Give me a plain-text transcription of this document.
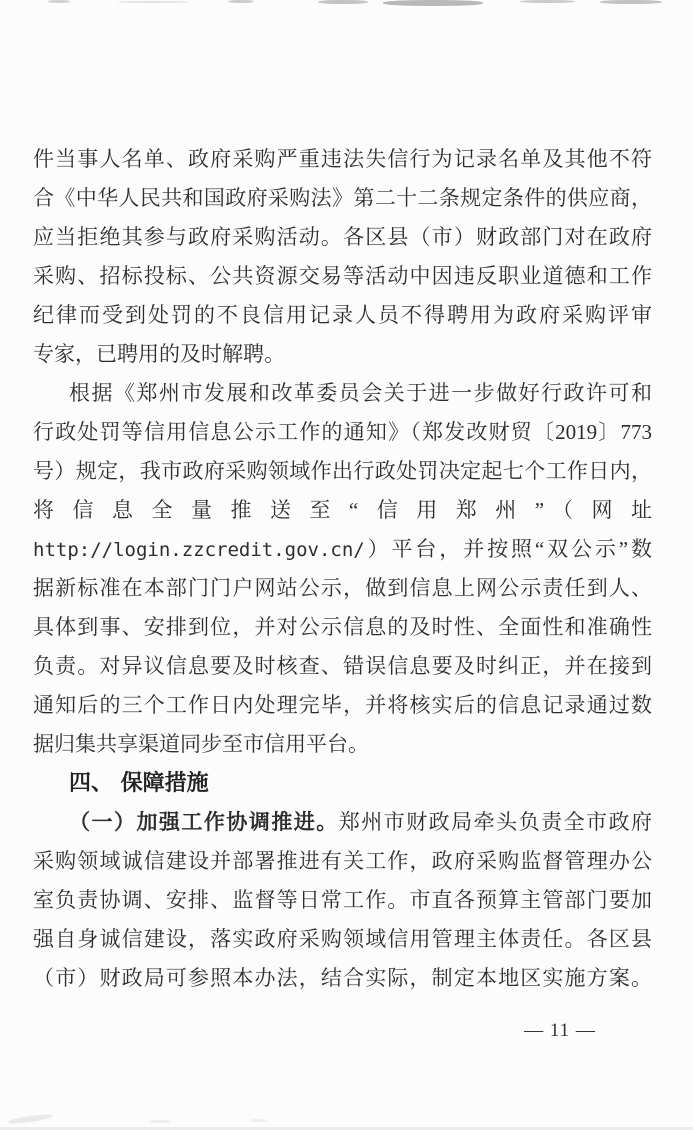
件当事人名单、政府采购严重违法失信行为记录名单及其他不符
合《中华人民共和国政府采购法》第二十二条规定条件的供应商，
应当拒绝其参与政府采购活动。各区县（市）财政部门对在政府
采购、招标投标、公共资源交易等活动中因违反职业道德和工作
纪律而受到处罚的不良信用记录人员不得聘用为政府采购评审
专家，已聘用的及时解聘。
根据《郑州市发展和改革委员会关于进一步做好行政许可和
行政处罚等信用信息公示工作的通知》（郑发改财贸〔2019〕773
号）规定，我市政府采购领域作出行政处罚决定起七个工作日内，
将信息全量推送至“信用郑州”（网址
http://login.zzcredit.gov.cn/）平台，并按照“双公示”数
据新标准在本部门门户网站公示，做到信息上网公示责任到人、
具体到事、安排到位，并对公示信息的及时性、全面性和准确性
负责。对异议信息要及时核查、错误信息要及时纠正，并在接到
通知后的三个工作日内处理完毕，并将核实后的信息记录通过数
据归集共享渠道同步至市信用平台。
四、 保障措施
（一）加强工作协调推进。郑州市财政局牵头负责全市政府
采购领域诚信建设并部署推进有关工作，政府采购监督管理办公
室负责协调、安排、监督等日常工作。市直各预算主管部门要加
强自身诚信建设，落实政府采购领域信用管理主体责任。各区县
（市）财政局可参照本办法，结合实际，制定本地区实施方案。
— 11 —
